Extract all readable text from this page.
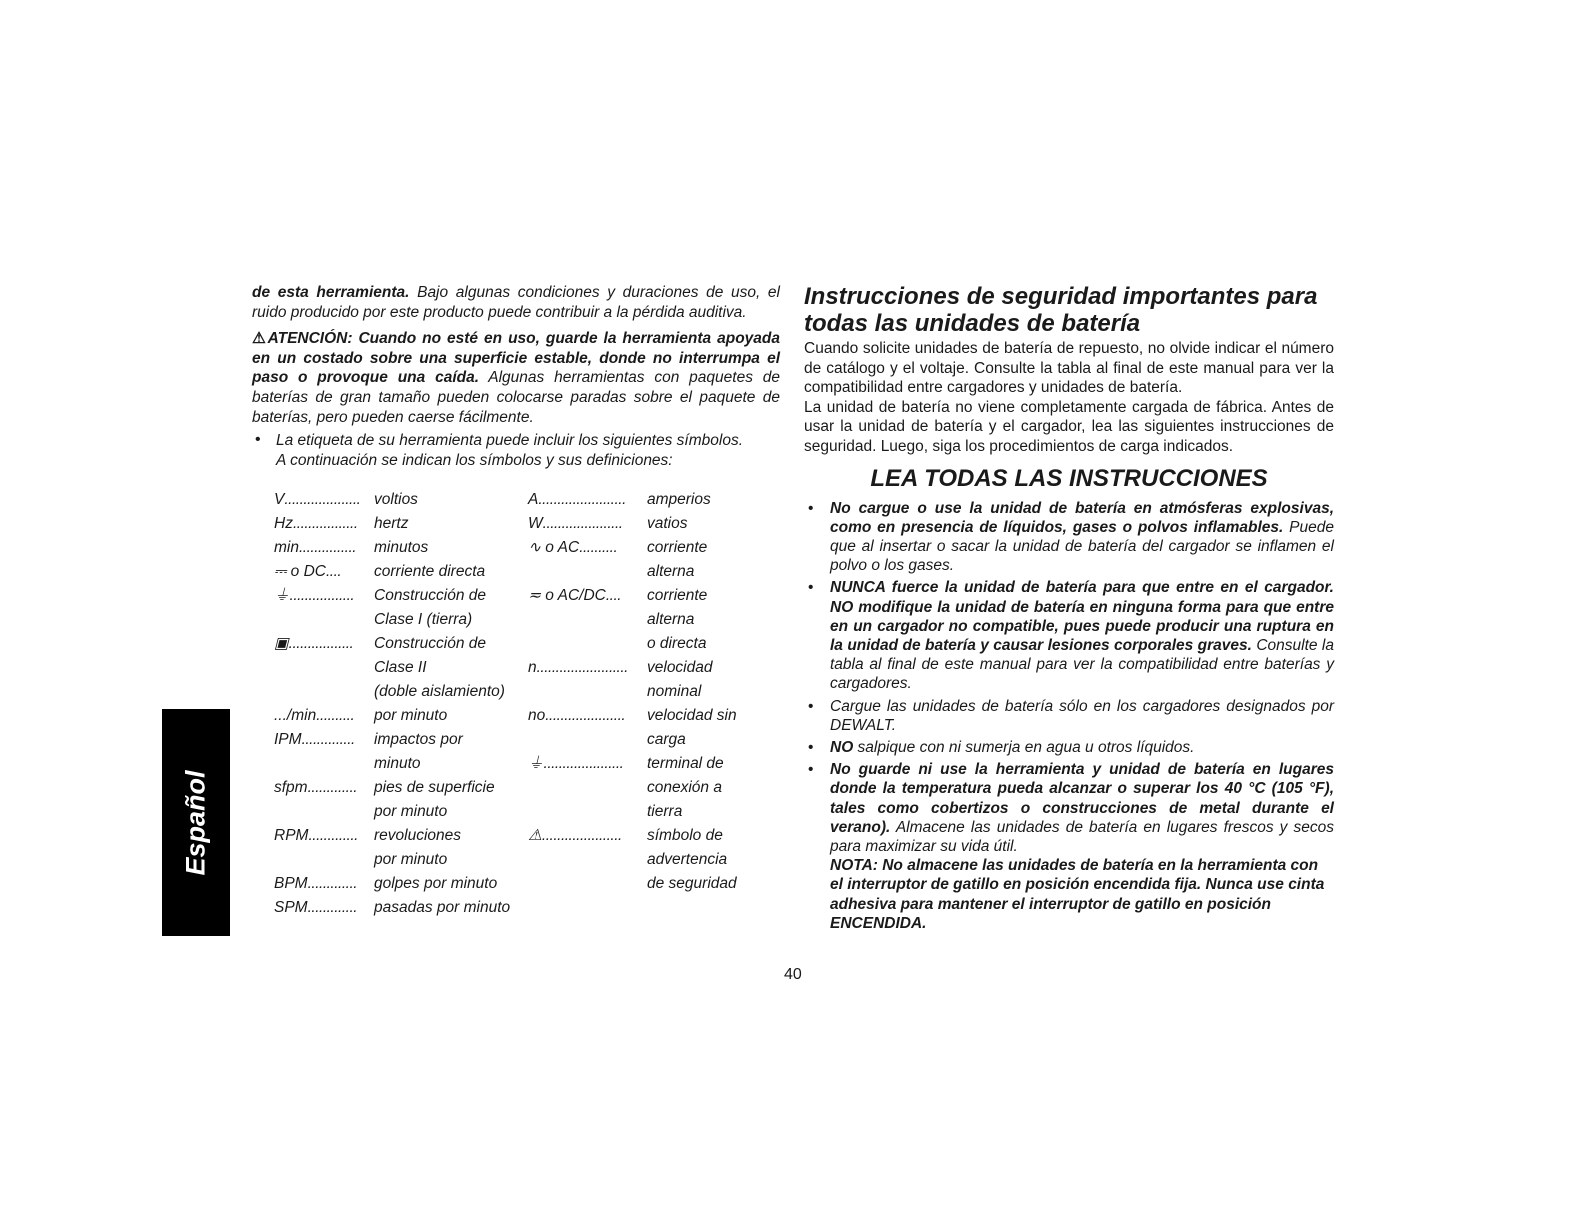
Español

de esta herramienta. Bajo algunas condiciones y duraciones de uso, el ruido producido por este producto puede contribuir a la pérdida auditiva.

⚠ATENCIÓN: Cuando no esté en uso, guarde la herramienta apoyada en un costado sobre una superficie estable, donde no interrumpa el paso o provoque una caída. Algunas herramientas con paquetes de baterías de gran tamaño pueden colocarse paradas sobre el paquete de baterías, pero pueden caerse fácilmente.

• La etiqueta de su herramienta puede incluir los siguientes símbolos.

A continuación se indican los símbolos y sus definiciones:

V.................... voltios
Hz................. hertz
min............... minutos
⎓ o DC.... corriente directa
⏚................. Construcción de
Clase I (tierra)
▣................. Construcción de
Clase II
(doble aislamiento)
.../min.......... por minuto
IPM.............. impactos por
minuto
sfpm............. pies de superficie
por minuto
RPM............. revoluciones
por minuto
BPM............. golpes por minuto
SPM............. pasadas por minuto
A....................... amperios
W..................... vatios
∿ o AC.......... corriente
alterna
≂ o AC/DC.... corriente
alterna
o directa
n........................ velocidad
nominal
no..................... velocidad sin
carga
⏚..................... terminal de
conexión a
tierra
⚠..................... símbolo de
advertencia
de seguridad
Instrucciones de seguridad importantes para todas las unidades de batería

Cuando solicite unidades de batería de repuesto, no olvide indicar el número de catálogo y el voltaje. Consulte la tabla al final de este manual para ver la compatibilidad entre cargadores y unidades de batería.

La unidad de batería no viene completamente cargada de fábrica. Antes de usar la unidad de batería y el cargador, lea las siguientes instrucciones de seguridad. Luego, siga los procedimientos de carga indicados.

LEA TODAS LAS INSTRUCCIONES
• No cargue o use la unidad de batería en atmósferas explosivas, como en presencia de líquidos, gases o polvos inflamables. Puede que al insertar o sacar la unidad de batería del cargador se inflamen el polvo o los gases.
• NUNCA fuerce la unidad de batería para que entre en el cargador. NO modifique la unidad de batería en ninguna forma para que entre en un cargador no compatible, pues puede producir una ruptura en la unidad de batería y causar lesiones corporales graves. Consulte la tabla al final de este manual para ver la compatibilidad entre baterías y cargadores.
• Cargue las unidades de batería sólo en los cargadores designados por DEWALT.
• NO salpique con ni sumerja en agua u otros líquidos.
• No guarde ni use la herramienta y unidad de batería en lugares donde la temperatura pueda alcanzar o superar los 40 °C (105 °F), tales como cobertizos o construcciones de metal durante el verano). Almacene las unidades de batería en lugares frescos y secos para maximizar su vida útil.

NOTA: No almacene las unidades de batería en la herramienta con el interruptor de gatillo en posición encendida fija. Nunca use cinta adhesiva para mantener el interruptor de gatillo en posición ENCENDIDA.

40
